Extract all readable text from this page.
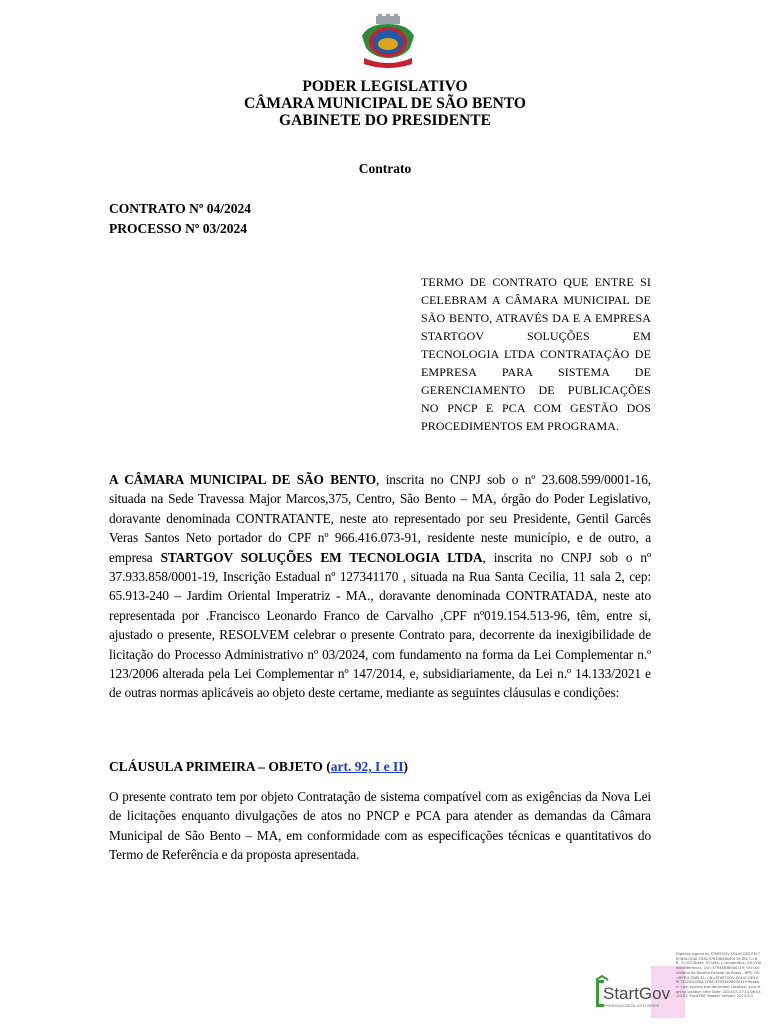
PODER LEGISLATIVO
CÂMARA MUNICIPAL DE SÃO BENTO
GABINETE DO PRESIDENTE
Contrato
CONTRATO Nº 04/2024
PROCESSO Nº 03/2024
TERMO DE CONTRATO QUE ENTRE SI CELEBRAM A CÂMARA MUNICIPAL DE SÃO BENTO, ATRAVÉS DA E A EMPRESA STARTGOV SOLUÇÕES EM TECNOLOGIA LTDA CONTRATAÇÃO DE EMPRESA PARA SISTEMA DE GERENCIAMENTO DE PUBLICAÇÕES NO PNCP E PCA COM GESTÃO DOS PROCEDIMENTOS EM PROGRAMA.
A CÂMARA MUNICIPAL DE SÃO BENTO, inscrita no CNPJ sob o nº 23.608.599/0001-16, situada na Sede Travessa Major Marcos,375, Centro, São Bento – MA, órgão do Poder Legislativo, doravante denominada CONTRATANTE, neste ato representado por seu Presidente, Gentil Garcês Veras Santos Neto portador do CPF nº 966.416.073-91, residente neste município, e de outro, a empresa STARTGOV SOLUÇÕES EM TECNOLOGIA LTDA, inscrita no CNPJ sob o nº 37.933.858/0001-19, Inscrição Estadual nº 127341170 , situada na Rua Santa Cecilia, 11 sala 2, cep: 65.913-240 – Jardim Oriental Imperatriz - MA., doravante denominada CONTRATADA, neste ato representada por .Francisco Leonardo Franco de Carvalho ,CPF nº019.154.513-96, têm, entre si, ajustado o presente, RESOLVEM celebrar o presente Contrato para, decorrente da inexigibilidade de licitação do Processo Administrativo nº 03/2024, com fundamento na forma da Lei Complementar n.º 123/2006 alterada pela Lei Complementar nº 147/2014, e, subsidiariamente, da Lei n.º 14.133/2021 e de outras normas aplicáveis ao objeto deste certame, mediante as seguintes cláusulas e condições:
CLÁUSULA PRIMEIRA – OBJETO (art. 92, I e II)
O presente contrato tem por objeto Contratação de sistema compatível com as exigências da Nova Lei de licitações enquanto divulgações de atos no PNCP e PCA para atender as demandas da Câmara Municipal de São Bento – MA, em conformidade com as especificações técnicas e quantitativos do Termo de Referência e da proposta apresentada.
StartGov
PRESENÇA DIGITAL INTELIGENTE
Digitally signed by STARTGOV SOLUCOES EM TECNOLOGIA LTDA:37933858000119 DN: C=BR, O=ICP-Brasil, ST=MA, L=Imperatriz, OU=Videoconferencia, OU=37933858000119, OU=Secretaria da Receita Federal do Brasil - RFB, OU=RFB e-CNPJ A1, CN=STARTGOV SOLUCOES EM TECNOLOGIA LTDA:37933858000119 Reason: I am signing this document Location: your signing location here Date: 2024.03.27 11:06:04-03'00' Foxit PDF Reader Version: 2023.3.0
